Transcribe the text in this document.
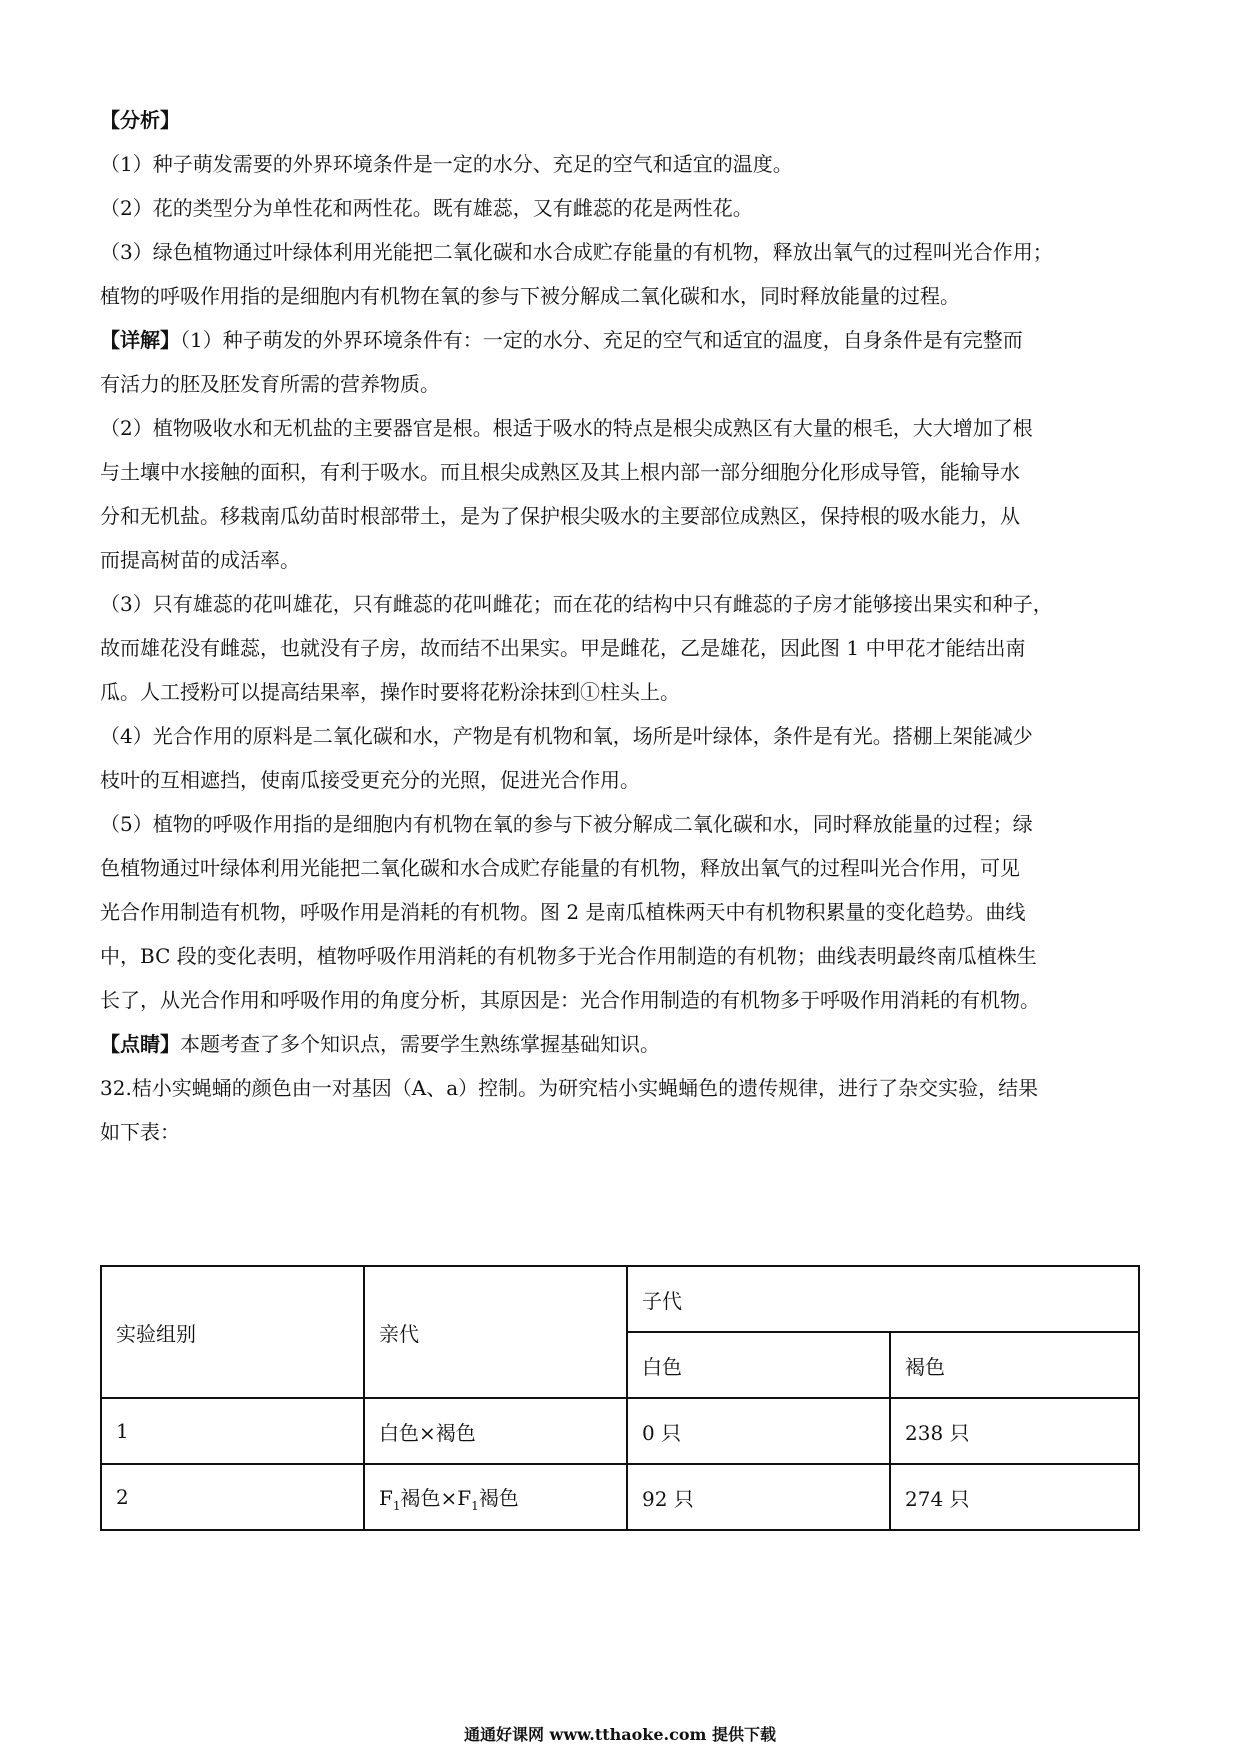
【分析】

（1）种子萌发需要的外界环境条件是一定的水分、充足的空气和适宜的温度。

（2）花的类型分为单性花和两性花。既有雄蕊，又有雌蕊的花是两性花。

（3）绿色植物通过叶绿体利用光能把二氧化碳和水合成贮存能量的有机物，释放出氧气的过程叫光合作用；

植物的呼吸作用指的是细胞内有机物在氧的参与下被分解成二氧化碳和水，同时释放能量的过程。

【详解】（1）种子萌发的外界环境条件有：一定的水分、充足的空气和适宜的温度，自身条件是有完整而

有活力的胚及胚发育所需的营养物质。

（2）植物吸收水和无机盐的主要器官是根。根适于吸水的特点是根尖成熟区有大量的根毛，大大增加了根

与土壤中水接触的面积，有利于吸水。而且根尖成熟区及其上根内部一部分细胞分化形成导管，能输导水

分和无机盐。移栽南瓜幼苗时根部带土，是为了保护根尖吸水的主要部位成熟区，保持根的吸水能力，从

而提高树苗的成活率。

（3）只有雄蕊的花叫雄花，只有雌蕊的花叫雌花；而在花的结构中只有雌蕊的子房才能够接出果实和种子，

故而雄花没有雌蕊，也就没有子房，故而结不出果实。甲是雌花，乙是雄花，因此图 1 中甲花才能结出南

瓜。人工授粉可以提高结果率，操作时要将花粉涂抹到①柱头上。

（4）光合作用的原料是二氧化碳和水，产物是有机物和氧，场所是叶绿体，条件是有光。搭棚上架能减少

枝叶的互相遮挡，使南瓜接受更充分的光照，促进光合作用。

（5）植物的呼吸作用指的是细胞内有机物在氧的参与下被分解成二氧化碳和水，同时释放能量的过程；绿

色植物通过叶绿体利用光能把二氧化碳和水合成贮存能量的有机物，释放出氧气的过程叫光合作用，可见

光合作用制造有机物，呼吸作用是消耗的有机物。图 2 是南瓜植株两天中有机物积累量的变化趋势。曲线

中，BC 段的变化表明，植物呼吸作用消耗的有机物多于光合作用制造的有机物；曲线表明最终南瓜植株生

长了，从光合作用和呼吸作用的角度分析，其原因是：光合作用制造的有机物多于呼吸作用消耗的有机物。

【点睛】本题考查了多个知识点，需要学生熟练掌握基础知识。

32.桔小实蝇蛹的颜色由一对基因（A、a）控制。为研究桔小实蝇蛹色的遗传规律，进行了杂交实验，结果

如下表：

实验组别	亲代	子代	
		白色	褐色
1	白色×褐色	0 只	238 只
2	$F_1$褐色$\times F_1$褐色	92 只	274 只
通通好课网 www.tthaoke.com 提供下载
